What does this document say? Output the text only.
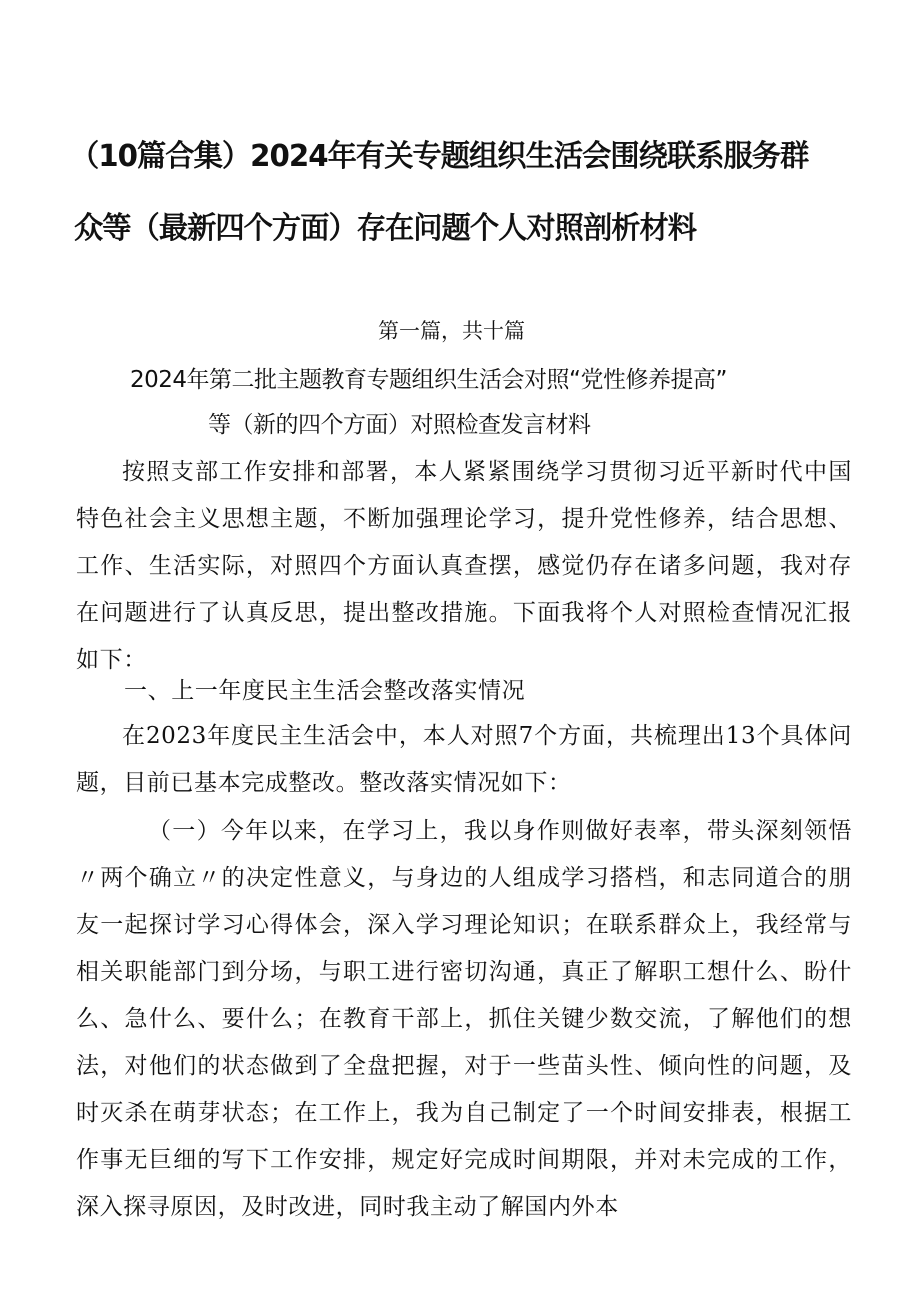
（10篇合集）2024年有关专题组织生活会围绕联系服务群
众等（最新四个方面）存在问题个人对照剖析材料
第一篇，共十篇
2024年第二批主题教育专题组织生活会对照“党性修养提高”
等（新的四个方面）对照检查发言材料

按照支部工作安排和部署，本人紧紧围绕学习贯彻习近平新时代中国特色社会主义思想主题，不断加强理论学习，提升党性修养，结合思想、工作、生活实际，对照四个方面认真查摆，感觉仍存在诸多问题，我对存在问题进行了认真反思，提出整改措施。下面我将个人对照检查情况汇报如下：

一、上一年度民主生活会整改落实情况

在2023年度民主生活会中，本人对照7个方面，共梳理出13个具体问题，目前已基本完成整改。整改落实情况如下：

（一）今年以来，在学习上，我以身作则做好表率，带头深刻领悟〃两个确立〃的决定性意义，与身边的人组成学习搭档，和志同道合的朋友一起探讨学习心得体会，深入学习理论知识；在联系群众上，我经常与相关职能部门到分场，与职工进行密切沟通，真正了解职工想什么、盼什么、急什么、要什么；在教育干部上，抓住关键少数交流，了解他们的想法，对他们的状态做到了全盘把握，对于一些苗头性、倾向性的问题，及时灭杀在萌芽状态；在工作上，我为自己制定了一个时间安排表，根据工作事无巨细的写下工作安排，规定好完成时间期限，并对未完成的工作，深入探寻原因，及时改进，同时我主动了解国内外本
